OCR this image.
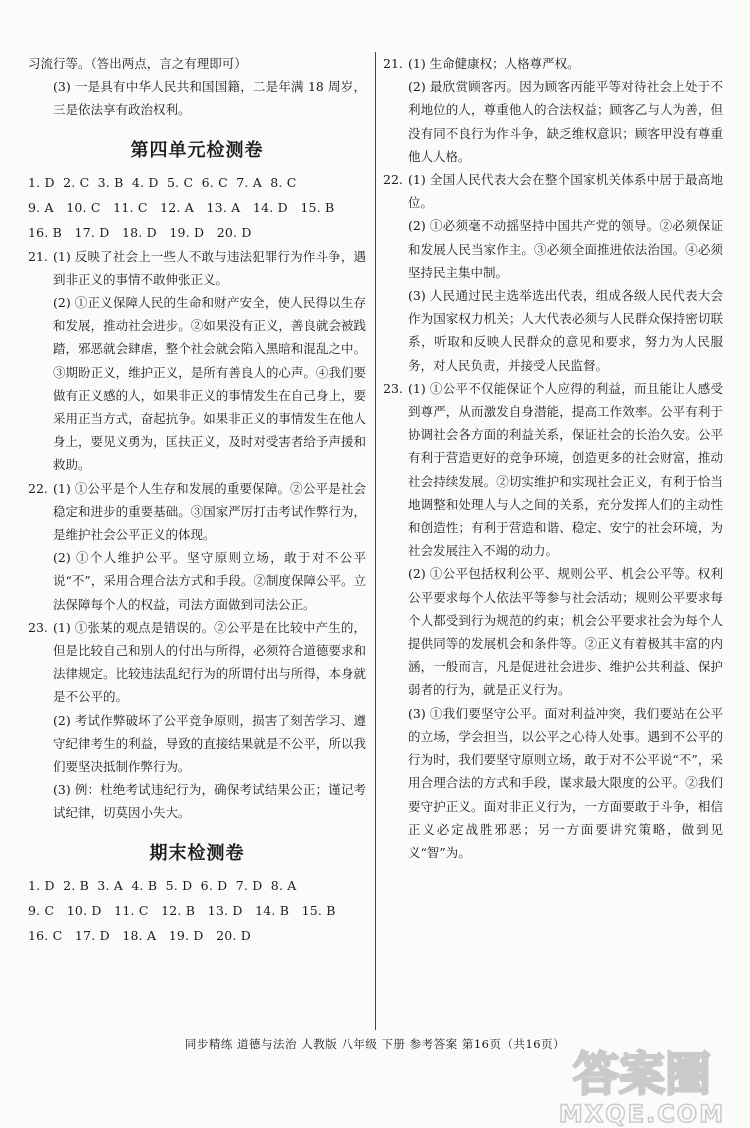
习流行等。（答出两点，言之有理即可）

(3) 一是具有中华人民共和国国籍，二是年满 18 周岁，三是依法享有政治权利。

第四单元检测卷

1. D  2. C  3. B  4. D  5. C  6. C  7. A  8. C

9. A   10. C   11. C   12. A   13. A   14. D   15. B

16. B   17. D   18. D   19. D   20. D

21. (1) 反映了社会上一些人不敢与违法犯罪行为作斗争，遇到非正义的事情不敢伸张正义。

(2) ①正义保障人民的生命和财产安全，使人民得以生存和发展，推动社会进步。②如果没有正义，善良就会被践踏，邪恶就会肆虐，整个社会就会陷入黑暗和混乱之中。③期盼正义，维护正义，是所有善良人的心声。④我们要做有正义感的人，如果非正义的事情发生在自己身上，要采用正当方式，奋起抗争。如果非正义的事情发生在他人身上，要见义勇为，匡扶正义，及时对受害者给予声援和救助。

22. (1) ①公平是个人生存和发展的重要保障。②公平是社会稳定和进步的重要基础。③国家严厉打击考试作弊行为，是维护社会公平正义的体现。

(2) ①个人维护公平。坚守原则立场，敢于对不公平说“不”，采用合理合法方式和手段。②制度保障公平。立法保障每个人的权益，司法方面做到司法公正。

23. (1) ①张某的观点是错误的。②公平是在比较中产生的，但是比较自己和别人的付出与所得，必须符合道德要求和法律规定。比较违法乱纪行为的所谓付出与所得，本身就是不公平的。

(2) 考试作弊破坏了公平竞争原则，损害了刻苦学习、遵守纪律考生的利益，导致的直接结果就是不公平，所以我们要坚决抵制作弊行为。

(3) 例：杜绝考试违纪行为，确保考试结果公正；谨记考试纪律，切莫因小失大。

期末检测卷

1. D  2. B  3. A  4. B  5. D  6. D  7. D  8. A

9. C   10. D   11. C   12. B   13. D   14. B   15. B

16. C   17. D   18. A   19. D   20. D

21. (1) 生命健康权；人格尊严权。

(2) 最欣赏顾客丙。因为顾客丙能平等对待社会上处于不利地位的人，尊重他人的合法权益；顾客乙与人为善，但没有同不良行为作斗争，缺乏维权意识；顾客甲没有尊重他人人格。

22. (1) 全国人民代表大会在整个国家机关体系中居于最高地位。

(2) ①必须毫不动摇坚持中国共产党的领导。②必须保证和发展人民当家作主。③必须全面推进依法治国。④必须坚持民主集中制。

(3) 人民通过民主选举选出代表，组成各级人民代表大会作为国家权力机关；人大代表必须与人民群众保持密切联系，听取和反映人民群众的意见和要求，努力为人民服务，对人民负责，并接受人民监督。

23. (1) ①公平不仅能保证个人应得的利益，而且能让人感受到尊严，从而激发自身潜能，提高工作效率。公平有利于协调社会各方面的利益关系，保证社会的长治久安。公平有利于营造更好的竞争环境，创造更多的社会财富，推动社会持续发展。②切实维护和实现社会正义，有利于恰当地调整和处理人与人之间的关系，充分发挥人们的主动性和创造性；有利于营造和谐、稳定、安宁的社会环境，为社会发展注入不竭的动力。

(2) ①公平包括权利公平、规则公平、机会公平等。权利公平要求每个人依法平等参与社会活动；规则公平要求每个人都受到行为规范的约束；机会公平要求社会为每个人提供同等的发展机会和条件等。②正义有着极其丰富的内涵，一般而言，凡是促进社会进步、维护公共利益、保护弱者的行为，就是正义行为。

(3) ①我们要坚守公平。面对利益冲突，我们要站在公平的立场，学会担当，以公平之心待人处事。遇到不公平的行为时，我们要坚守原则立场，敢于对不公平说“不”，采用合理合法的方式和手段，谋求最大限度的公平。②我们要守护正义。面对非正义行为，一方面要敢于斗争，相信正义必定战胜邪恶；另一方面要讲究策略，做到见义“智”为。

同步精练 道德与法治 人教版 八年级 下册 参考答案 第16页（共16页）
答案圈
MXQE.COM
